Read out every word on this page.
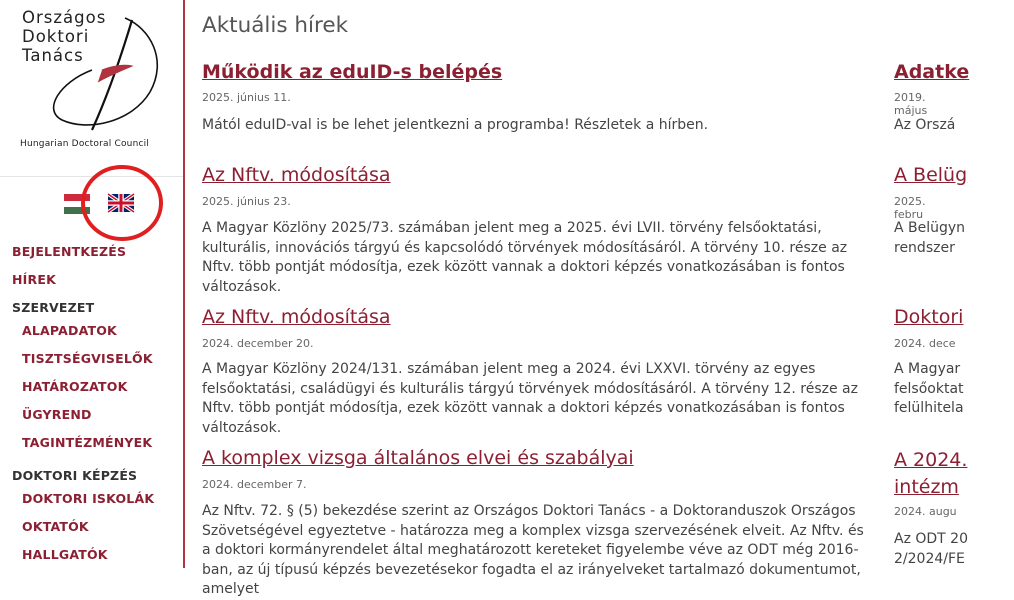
Országos
Doktori
Tanács
Hungarian Doctoral Council
BEJELENTKEZÉS
HÍREK
SZERVEZET
ALAPADATOK
TISZTSÉGVISELŐK
HATÁROZATOK
ÜGYREND
TAGINTÉZMÉNYEK
DOKTORI KÉPZÉS
DOKTORI ISKOLÁK
OKTATÓK
HALLGATÓK
Aktuális hírek
Működik az eduID-s belépés
2025. június 11.
Mától eduID-val is be lehet jelentkezni a programba! Részletek a hírben.
Az Nftv. módosítása
2025. június 23.
A Magyar Közlöny 2025/73. számában jelent meg a 2025. évi LVII. törvény felsőoktatási, kulturális, innovációs tárgyú és kapcsolódó törvények módosításáról. A törvény 10. része az Nftv. több pontját módosítja, ezek között vannak a doktori képzés vonatkozásában is fontos változások.
Az Nftv. módosítása
2024. december 20.
A Magyar Közlöny 2024/131. számában jelent meg a 2024. évi LXXVI. törvény az egyes felsőoktatási, családügyi és kulturális tárgyú törvények módosításáról. A törvény 12. része az Nftv. több pontját módosítja, ezek között vannak a doktori képzés vonatkozásában is fontos változások.
A komplex vizsga általános elvei és szabályai
2024. december 7.
Az Nftv. 72. § (5) bekezdése szerint az Országos Doktori Tanács - a Doktoranduszok Országos Szövetségével egyeztetve - határozza meg a komplex vizsga szervezésének elveit. Az Nftv. és a doktori kormányrendelet által meghatározott kereteket figyelembe véve az ODT még 2016-ban, az új típusú képzés bevezetésekor fogadta el az irányelveket tartalmazó dokumentumot, amelyet
Adatke
2019. május
Az Orszá
A Belüg
2025. febru
A Belügyn
rendszer
Doktori
2024. dece
A Magyar
felsőoktat
felülhitela
A 2024.
intézm
2024. augu
Az ODT 20
2/2024/FE
